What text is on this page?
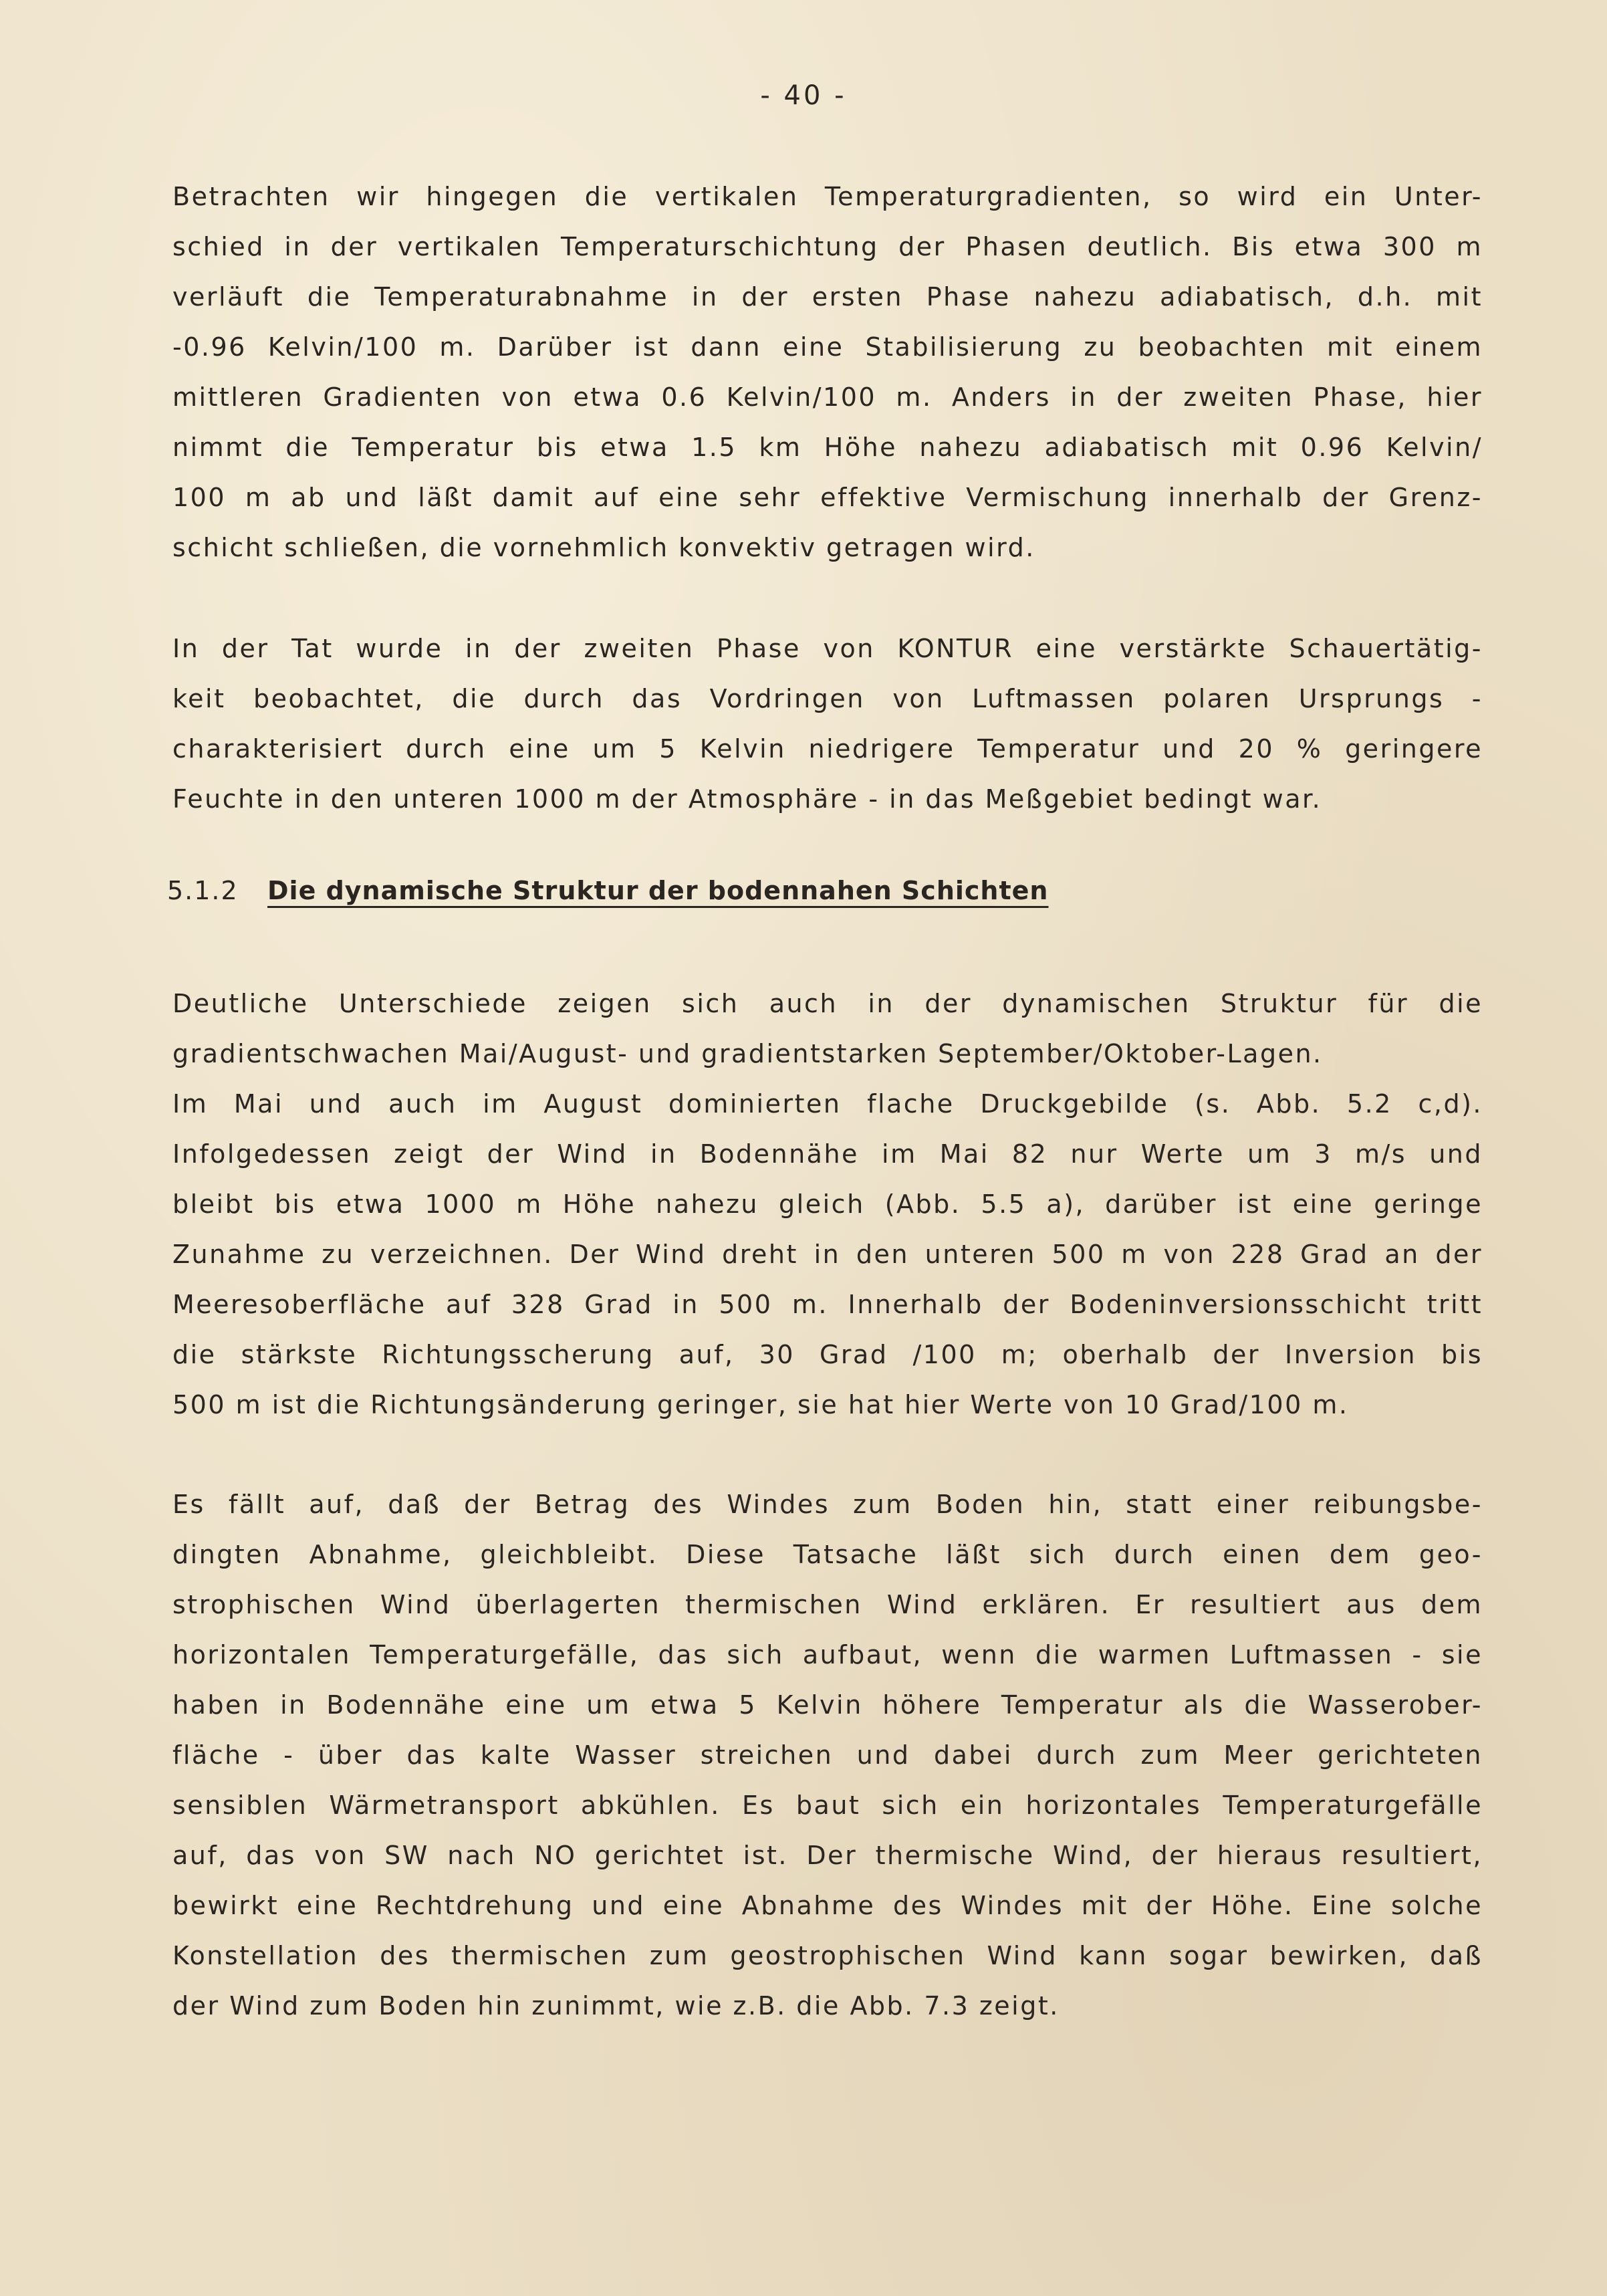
- 40 -
Betrachten wir hingegen die vertikalen Temperaturgradienten, so wird ein Unter-
schied in der vertikalen Temperaturschichtung der Phasen deutlich. Bis etwa 300 m
verläuft die Temperaturabnahme in der ersten Phase nahezu adiabatisch, d.h. mit
-0.96 Kelvin/100 m. Darüber ist dann eine Stabilisierung zu beobachten mit einem
mittleren Gradienten von etwa 0.6 Kelvin/100 m. Anders in der zweiten Phase, hier
nimmt die Temperatur bis etwa 1.5 km Höhe nahezu adiabatisch mit 0.96 Kelvin/
100 m ab und läßt damit auf eine sehr effektive Vermischung innerhalb der Grenz-
schicht schließen, die vornehmlich konvektiv getragen wird.
In der Tat wurde in der zweiten Phase von KONTUR eine verstärkte Schauertätig-
keit beobachtet, die durch das Vordringen von Luftmassen polaren Ursprungs -
charakterisiert durch eine um 5 Kelvin niedrigere Temperatur und 20 % geringere
Feuchte in den unteren 1000 m der Atmosphäre - in das Meßgebiet bedingt war.
5.1.2 Die dynamische Struktur der bodennahen Schichten
Deutliche Unterschiede zeigen sich auch in der dynamischen Struktur für die
gradientschwachen Mai/August- und gradientstarken September/Oktober-Lagen.
Im Mai und auch im August dominierten flache Druckgebilde (s. Abb. 5.2 c,d).
Infolgedessen zeigt der Wind in Bodennähe im Mai 82 nur Werte um 3 m/s und
bleibt bis etwa 1000 m Höhe nahezu gleich (Abb. 5.5 a), darüber ist eine geringe
Zunahme zu verzeichnen. Der Wind dreht in den unteren 500 m von 228 Grad an der
Meeresoberfläche auf 328 Grad in 500 m. Innerhalb der Bodeninversionsschicht tritt
die stärkste Richtungsscherung auf, 30 Grad /100 m; oberhalb der Inversion bis
500 m ist die Richtungsänderung geringer, sie hat hier Werte von 10 Grad/100 m.
Es fällt auf, daß der Betrag des Windes zum Boden hin, statt einer reibungsbe-
dingten Abnahme, gleichbleibt. Diese Tatsache läßt sich durch einen dem geo-
strophischen Wind überlagerten thermischen Wind erklären. Er resultiert aus dem
horizontalen Temperaturgefälle, das sich aufbaut, wenn die warmen Luftmassen - sie
haben in Bodennähe eine um etwa 5 Kelvin höhere Temperatur als die Wasserober-
fläche - über das kalte Wasser streichen und dabei durch zum Meer gerichteten
sensiblen Wärmetransport abkühlen. Es baut sich ein horizontales Temperaturgefälle
auf, das von SW nach NO gerichtet ist. Der thermische Wind, der hieraus resultiert,
bewirkt eine Rechtdrehung und eine Abnahme des Windes mit der Höhe. Eine solche
Konstellation des thermischen zum geostrophischen Wind kann sogar bewirken, daß
der Wind zum Boden hin zunimmt, wie z.B. die Abb. 7.3 zeigt.
